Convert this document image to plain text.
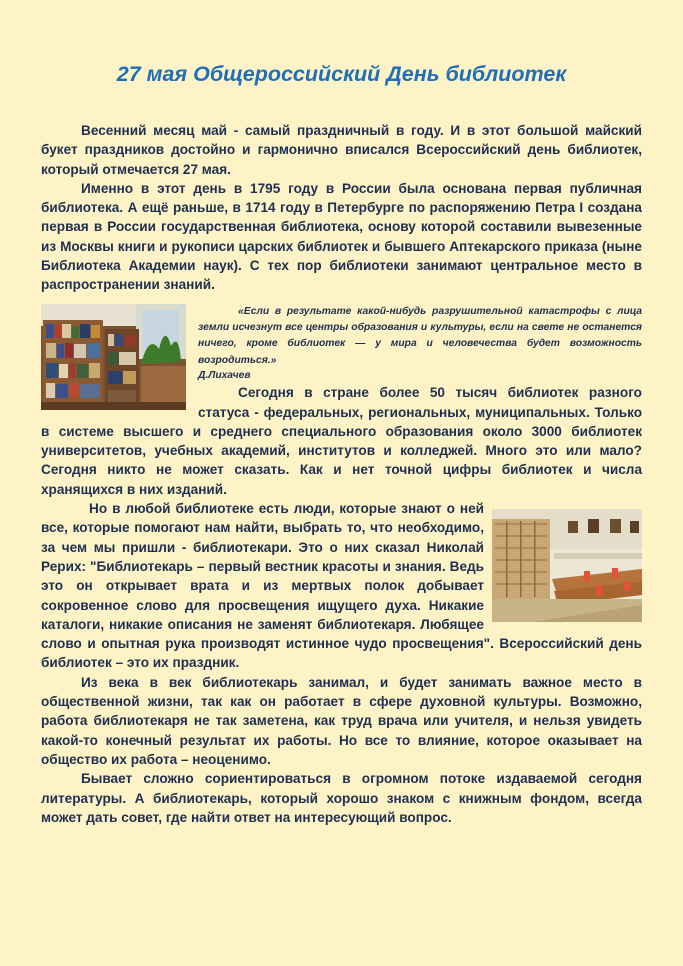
27 мая Общероссийский День библиотек

Весенний месяц май - самый праздничный в году. И в этот большой майский букет праздников достойно и гармонично вписался Всероссийский день библиотек, который отмечается 27 мая.

Именно в этот день в 1795 году в России была основана первая публичная библиотека. А ещё раньше, в 1714 году в Петербурге по распоряжению Петра I создана первая в России государственная библиотека, основу которой составили вывезенные из Москвы книги и рукописи царских библиотек и бывшего Аптекарского приказа (ныне Библиотека Академии наук). С тех пор библиотеки занимают центральное место в распространении знаний.

«Если в результате какой-нибудь разрушительной катастрофы с лица земли исчезнут все центры образования и культуры, если на свете не останется ничего, кроме библиотек — у мира и человечества будет возможность возродиться.»
Д.Лихачев

Сегодня в стране более 50 тысяч библиотек разного статуса - федеральных, региональных, муниципальных. Только в системе высшего и среднего специального образования около 3000 библиотек университетов, учебных академий, институтов и колледжей. Много это или мало? Сегодня никто не может сказать. Как и нет точной цифры библиотек и числа хранящихся в них изданий.

Но в любой библиотеке есть люди, которые знают о ней все, которые помогают нам найти, выбрать то, что необходимо, за чем мы пришли - библиотекари. Это о них сказал Николай Рерих: "Библиотекарь – первый вестник красоты и знания. Ведь это он открывает врата и из мертвых полок добывает сокровенное слово для просвещения ищущего духа. Никакие каталоги, никакие описания не заменят библиотекаря. Любящее слово и опытная рука производят истинное чудо просвещения". Всероссийский день библиотек – это их праздник.

Из века в век библиотекарь занимал, и будет занимать важное место в общественной жизни, так как он работает в сфере духовной культуры. Возможно, работа библиотекаря не так заметена, как труд врача или учителя, и нельзя увидеть какой-то конечный результат их работы. Но все то влияние, которое оказывает на общество их работа – неоценимо.

Бывает сложно сориентироваться в огромном потоке издаваемой сегодня литературы. А библиотекарь, который хорошо знаком с книжным фондом, всегда может дать совет, где найти ответ на интересующий вопрос.
